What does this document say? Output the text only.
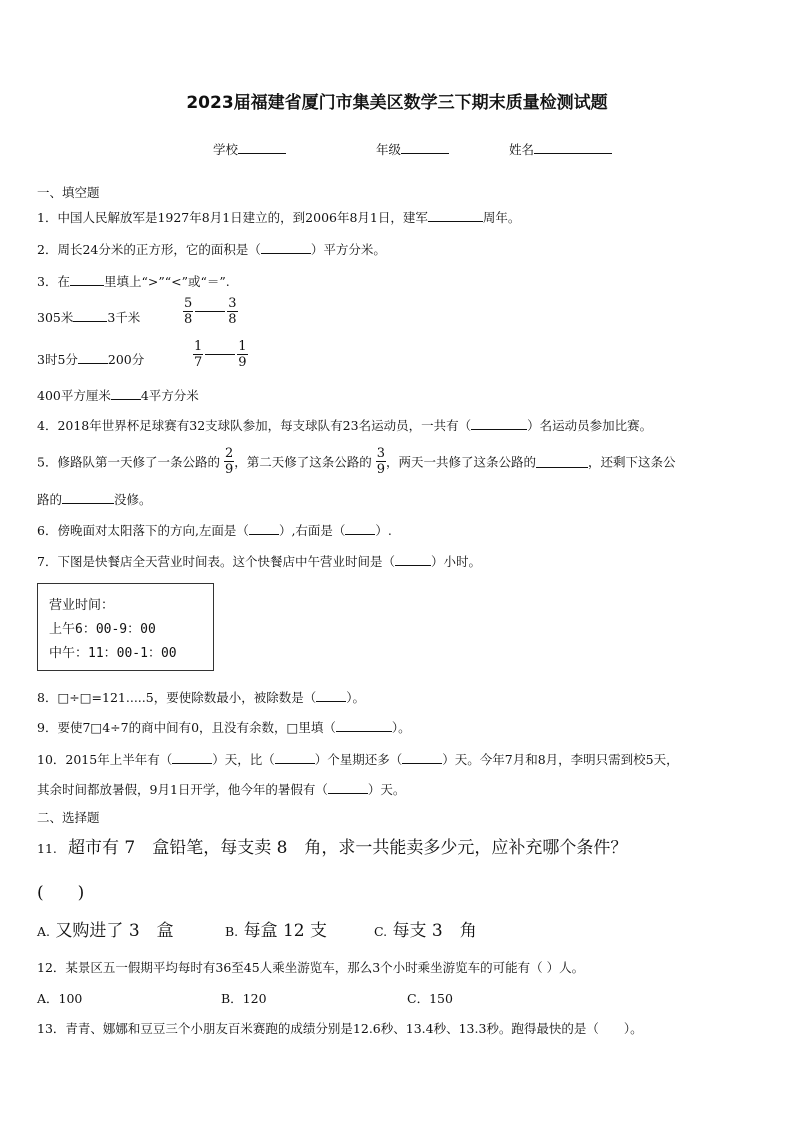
2023届福建省厦门市集美区数学三下期末质量检测试题
学校	年级	姓名
一、填空题
1．中国人民解放军是1927年8月1日建立的，到2006年8月1日，建军	周年。
2．周长24分米的正方形，它的面积是（	）平方分米。
3．在	里填上“>”“<”或“＝”.
305米	3千米	$\frac{5}{8}$	$\frac{3}{8}$
3时5分 200分	$\frac{1}{7}$	$\frac{1}{9}$
400平方厘米 4平方分米
4．2018年世界杯足球赛有32支球队参加，每支球队有23名运动员，一共有（	）名运动员参加比赛。
5．修路队第一天修了一条公路的 $\frac{2}{9}$ ，第二天修了这条公路的 $\frac{3}{9}$ ，两天一共修了这条公路的	，还剩下这条公
路的	没修。
6．傍晚面对太阳落下的方向,左面是（ ）,右面是（ ）.
7．下图是快餐店全天营业时间表。这个快餐店中午营业时间是（	）小时。
营业时间：
上午6：00-9：00
中午：11：00-1：00
8．□÷□=121.....5，要使除数最小，被除数是（ ）。
9．要使7□4÷7的商中间有0，且没有余数，□里填（	）。
10．2015年上半年有（	）天，比（	）个星期还多（	）天。今年7月和8月，李明只需到校5天，
其余时间都放暑假，9月1日开学，他今年的暑假有（	）天。
二、选择题
11. 超市有 7　盒铅笔，每支卖 8　角，求一共能卖多少元，应补充哪个条件？
(　　)
A. 又购进了 3　盒	B. 每盒 12 支	C. 每支 3　角
12．某景区五一假期平均每时有36至45人乘坐游览车，那么3个小时乘坐游览车的可能有（ ）人。
A．100	B．120	C．150
13．青青、娜娜和豆豆三个小朋友百米赛跑的成绩分别是12.6秒、13.4秒、13.3秒。跑得最快的是（　　）。
